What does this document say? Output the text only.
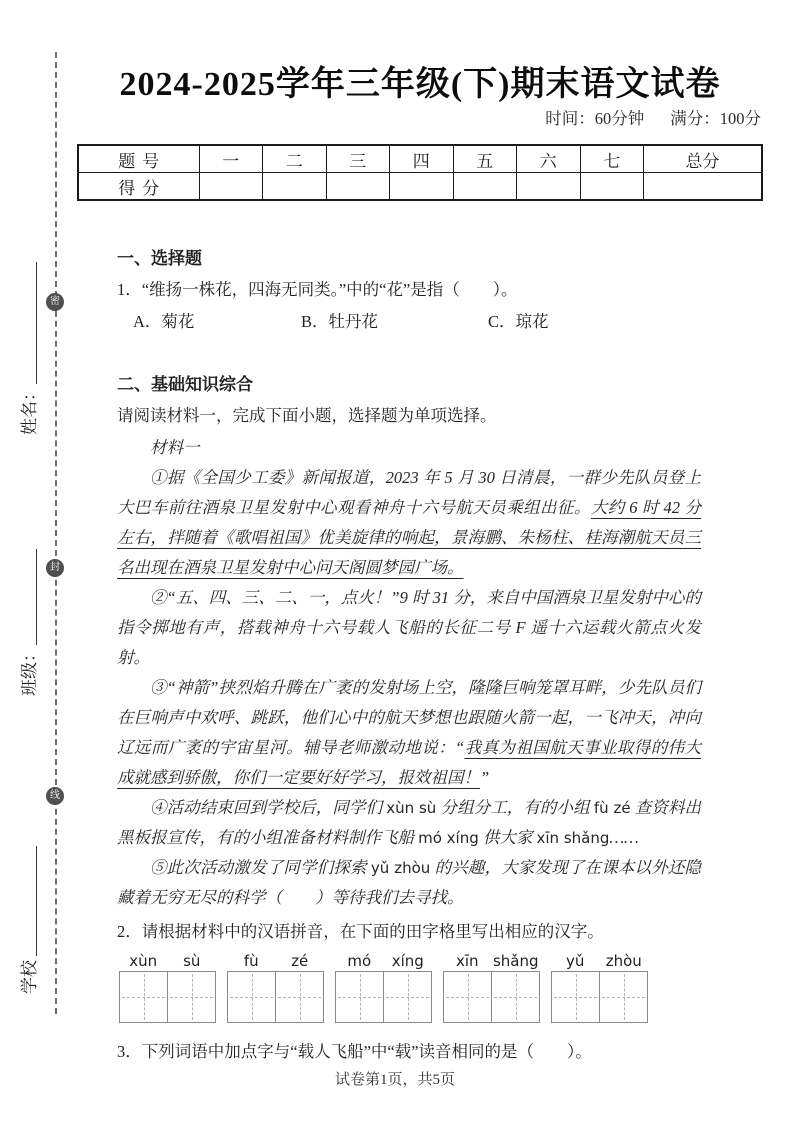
密
封
线
姓名：
班级：
学校
2024-2025学年三年级(下)期末语文试卷
时间：60分钟 满分：100分
题号	一	二	三	四	五	六	七	总分
得分								
一、选择题

1．“维扬一株花，四海无同类。”中的“花”是指（　　）。

A．菊花	B．牡丹花	C．琼花
二、基础知识综合

请阅读材料一，完成下面小题，选择题为单项选择。

材料一

①据《全国少工委》新闻报道，2023 年 5 月 30 日清晨，一群少先队员登上大巴车前往酒泉卫星发射中心观看神舟十六号航天员乘组出征。大约 6 时 42 分左右，拌随着《歌唱祖国》优美旋律的响起，景海鹏、朱杨柱、桂海潮航天员三名出现在酒泉卫星发射中心问天阁圆梦园广场。

②“五、四、三、二、一，点火！”9 时 31 分，来自中国酒泉卫星发射中心的指令掷地有声，搭载神舟十六号载人飞船的长征二号 F 遥十六运载火箭点火发射。

③“神箭”挟烈焰升腾在广袤的发射场上空，隆隆巨响笼罩耳畔，少先队员们在巨响声中欢呼、跳跃，他们心中的航天梦想也跟随火箭一起，一飞冲天，冲向辽远而广袤的宇宙星河。辅导老师激动地说：“我真为祖国航天事业取得的伟大成就感到骄傲，你们一定要好好学习，报效祖国！”

④活动结束回到学校后，同学们 xùn sù 分组分工，有的小组 fù zé 查资料出黑板报宣传，有的小组准备材料制作飞船 mó xíng 供大家 xīn shǎng……

⑤此次活动激发了同学们探索 yǔ zhòu 的兴趣，大家发现了在课本以外还隐藏着无穷无尽的科学（　　）等待我们去寻找。

2．请根据材料中的汉语拼音，在下面的田字格里写出相应的汉字。

xùn	sù	fù	zé	mó	xíng	xīn shǎng	yǔ	zhòu

3．下列词语中加点字与“载人飞船”中“载”读音相同的是（　　）。

试卷第1页，共5页
